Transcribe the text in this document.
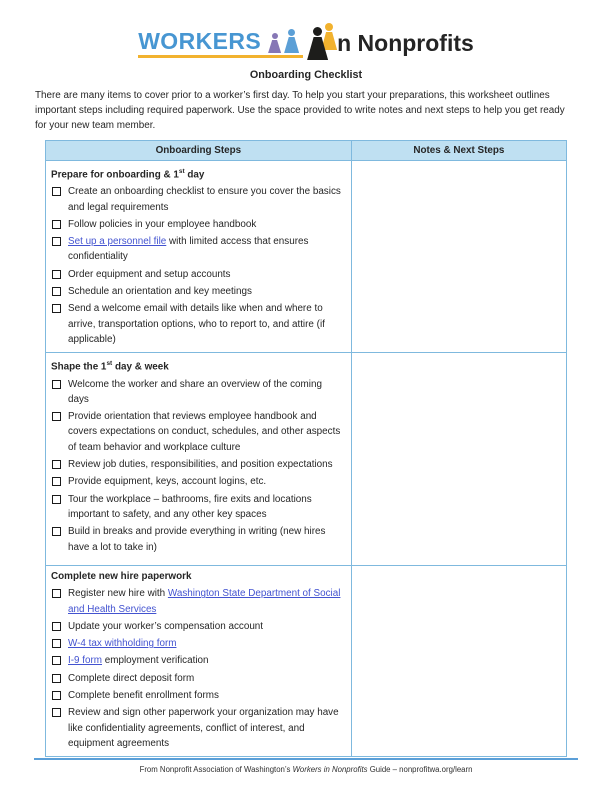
WORKERS	n Nonprofits
Onboarding Checklist
There are many items to cover prior to a worker’s first day. To help you start your preparations, this worksheet outlines important steps including required paperwork. Use the space provided to write notes and next steps to help you get ready for your new team member.
Onboarding Steps	Notes & Next Steps
Prepare for onboarding & 1st day
Create an onboarding checklist to ensure you cover the basics and legal requirements
Follow policies in your employee handbook
Set up a personnel file with limited access that ensures confidentiality
Order equipment and setup accounts
Schedule an orientation and key meetings
Send a welcome email with details like when and where to arrive, transportation options, who to report to, and attire (if applicable)
Shape the 1st day & week
Welcome the worker and share an overview of the coming days
Provide orientation that reviews employee handbook and covers expectations on conduct, schedules, and other aspects of team behavior and workplace culture
Review job duties, responsibilities, and position expectations
Provide equipment, keys, account logins, etc.
Tour the workplace – bathrooms, fire exits and locations important to safety, and any other key spaces
Build in breaks and provide everything in writing (new hires have a lot to take in)
Complete new hire paperwork
Register new hire with Washington State Department of Social and Health Services
Update your worker’s compensation account
W-4 tax withholding form
I-9 form employment verification
Complete direct deposit form
Complete benefit enrollment forms
Review and sign other paperwork your organization may have like confidentiality agreements, conflict of interest, and equipment agreements
From Nonprofit Association of Washington’s Workers in Nonprofits Guide – nonprofitwa.org/learn
